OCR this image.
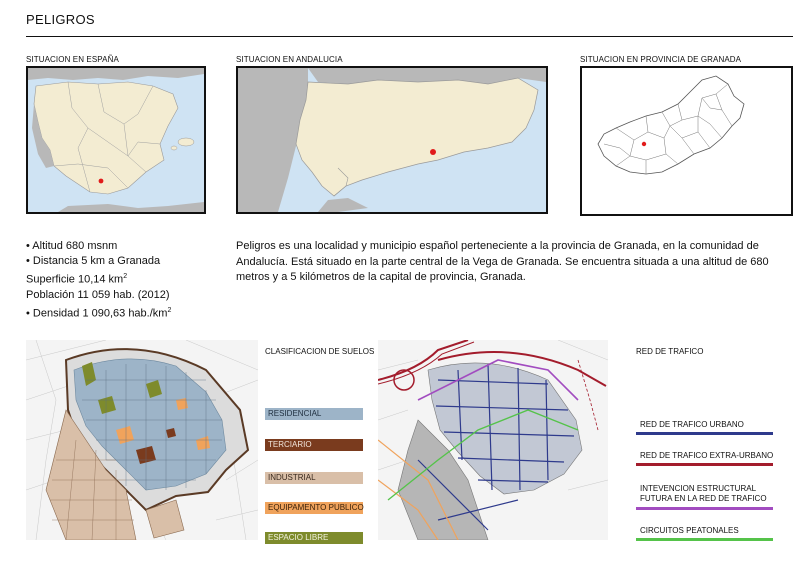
PELIGROS
SITUACION EN ESPAÑA	SITUACION EN ANDALUCIA	SITUACION EN PROVINCIA DE GRANADA
• Altitud 680 msnm
• Distancia 5 km a Granada
Superficie 10,14 $km^2$
Población 11 059 hab. (2012)
• Densidad 1 090,63 $hab./km^2$
Peligros es una localidad y municipio español perteneciente a la provincia de Granada, en la comunidad de Andalucía. Está situado en la parte central de la Vega de Granada. Se encuentra situada a una altitud de 680 metros y a 5 kilómetros de la capital de provincia, Granada.
CLASIFICACION DE SUELOS
RESIDENCIAL
TERCIARIO
INDUSTRIAL
EQUIPAMENTO PUBLICO
ESPACIO LIBRE
RED DE TRAFICO
RED DE TRAFICO URBANO
RED DE TRAFICO EXTRA-URBANO
INTEVENCION ESTRUCTURAL
FUTURA EN LA RED DE TRAFICO
CIRCUITOS PEATONALES
